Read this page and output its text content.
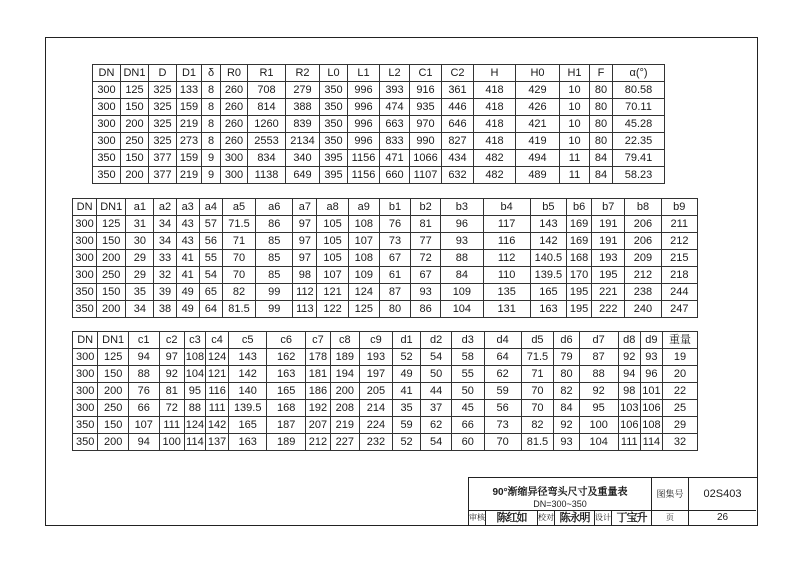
DN	DN1	D	D1	δ	R0	R1	R2	L0	L1	L2	C1	C2	H	H0	H1	F	α(°)
300	125	325	133	8	260	708	279	350	996	393	916	361	418	429	10	80	80.58
300	150	325	159	8	260	814	388	350	996	474	935	446	418	426	10	80	70.11
300	200	325	219	8	260	1260	839	350	996	663	970	646	418	421	10	80	45.28
300	250	325	273	8	260	2553	2134	350	996	833	990	827	418	419	10	80	22.35
350	150	377	159	9	300	834	340	395	1156	471	1066	434	482	494	11	84	79.41
350	200	377	219	9	300	1138	649	395	1156	660	1107	632	482	489	11	84	58.23
DN	DN1	a1	a2	a3	a4	a5	a6	a7	a8	a9	b1	b2	b3	b4	b5	b6	b7	b8	b9
300	125	31	34	43	57	71.5	86	97	105	108	76	81	96	117	143	169	191	206	211
300	150	30	34	43	56	71	85	97	105	107	73	77	93	116	142	169	191	206	212
300	200	29	33	41	55	70	85	97	105	108	67	72	88	112	140.5	168	193	209	215
300	250	29	32	41	54	70	85	98	107	109	61	67	84	110	139.5	170	195	212	218
350	150	35	39	49	65	82	99	112	121	124	87	93	109	135	165	195	221	238	244
350	200	34	38	49	64	81.5	99	113	122	125	80	86	104	131	163	195	222	240	247
DN	DN1	c1	c2	c3	c4	c5	c6	c7	c8	c9	d1	d2	d3	d4	d5	d6	d7	d8	d9	重量
300	125	94	97	108	124	143	162	178	189	193	52	54	58	64	71.5	79	87	92	93	19
300	150	88	92	104	121	142	163	181	194	197	49	50	55	62	71	80	88	94	96	20
300	200	76	81	95	116	140	165	186	200	205	41	44	50	59	70	82	92	98	101	22
300	250	66	72	88	111	139.5	168	192	208	214	35	37	45	56	70	84	95	103	106	25
350	150	107	111	124	142	165	187	207	219	224	59	62	66	73	82	92	100	106	108	29
350	200	94	100	114	137	163	189	212	227	232	52	54	60	70	81.5	93	104	111	114	32
90°渐缩异径弯头尺寸及重量表
DN=300~350
图集号	02S403
审核	陈红如	校对 陈永明 设计 丁宝升	页	26
